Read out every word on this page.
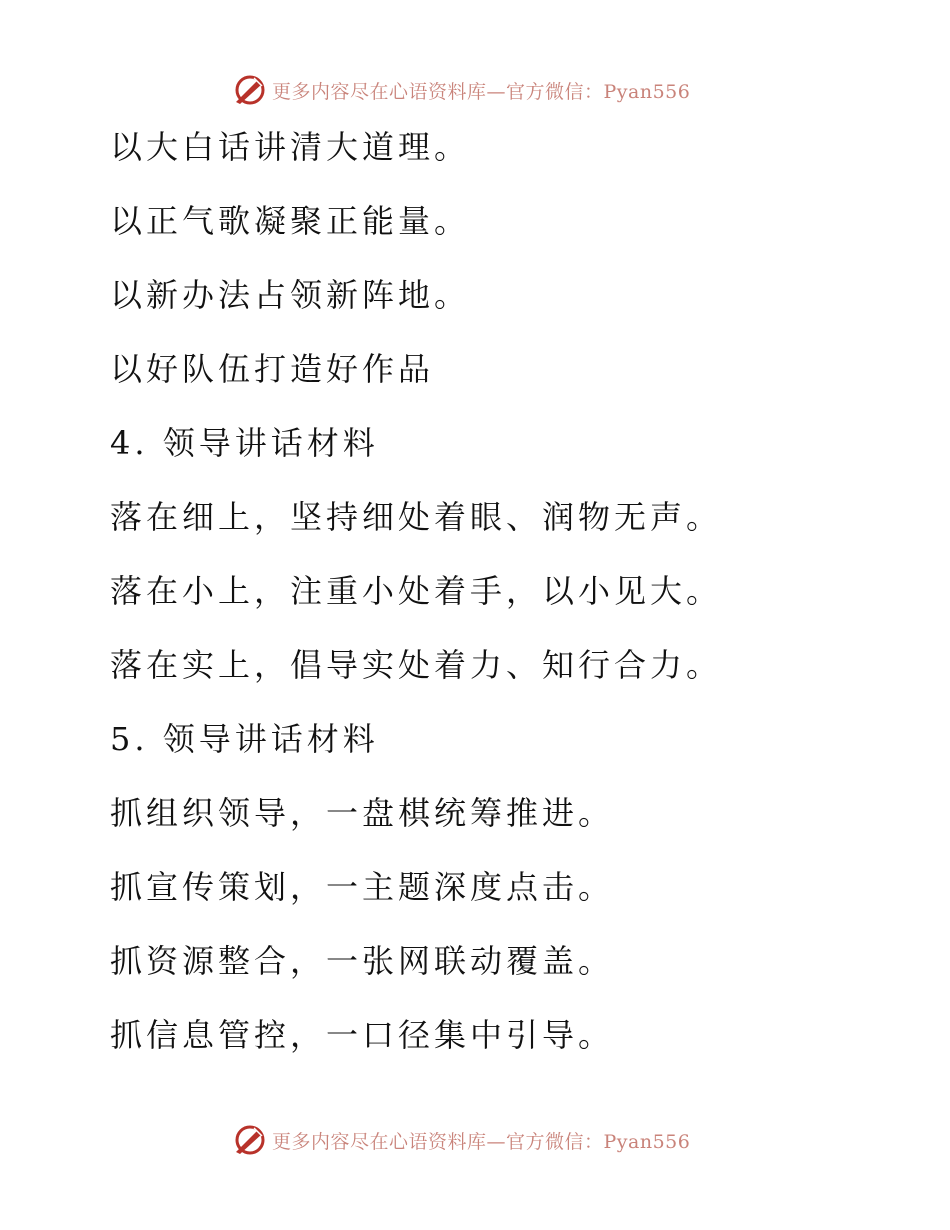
更多内容尽在心语资料库—官方微信：Pyan556
以大白话讲清大道理。
以正气歌凝聚正能量。
以新办法占领新阵地。
以好队伍打造好作品
4. 领导讲话材料
落在细上，坚持细处着眼、润物无声。
落在小上，注重小处着手，以小见大。
落在实上，倡导实处着力、知行合力。
5. 领导讲话材料
抓组织领导，一盘棋统筹推进。
抓宣传策划，一主题深度点击。
抓资源整合，一张网联动覆盖。
抓信息管控，一口径集中引导。
更多内容尽在心语资料库—官方微信：Pyan556
